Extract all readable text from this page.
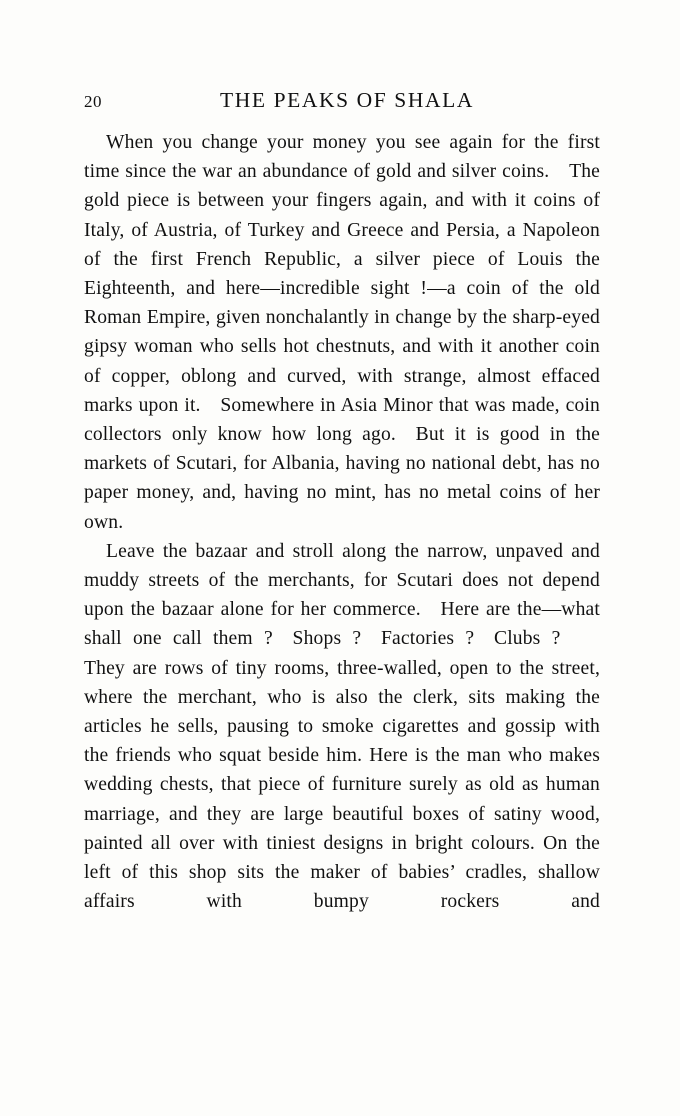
20	THE PEAKS OF SHALA

When you change your money you see again for the first time since the war an abundance of gold and silver coins. The gold piece is between your fingers again, and with it coins of Italy, of Austria, of Turkey and Greece and Persia, a Napoleon of the first French Republic, a silver piece of Louis the Eighteenth, and here—incredible sight !—a coin of the old Roman Empire, given nonchalantly in change by the sharp-eyed gipsy woman who sells hot chestnuts, and with it another coin of copper, oblong and curved, with strange, almost effaced marks upon it. Somewhere in Asia Minor that was made, coin collectors only know how long ago. But it is good in the markets of Scutari, for Albania, having no national debt, has no paper money, and, having no mint, has no metal coins of her own.

Leave the bazaar and stroll along the narrow, unpaved and muddy streets of the merchants, for Scutari does not depend upon the bazaar alone for her commerce. Here are the—what shall one call them ? Shops ? Factories ? Clubs ?  They are rows of tiny rooms, three-walled, open to the street, where the merchant, who is also the clerk, sits making the articles he sells, pausing to smoke cigarettes and gossip with the friends who squat beside him. Here is the man who makes wedding chests, that piece of furniture surely as old as human marriage, and they are large beautiful boxes of satiny wood, painted all over with tiniest designs in bright colours. On the left of this shop sits the maker of babies’ cradles, shallow affairs with bumpy rockers and
